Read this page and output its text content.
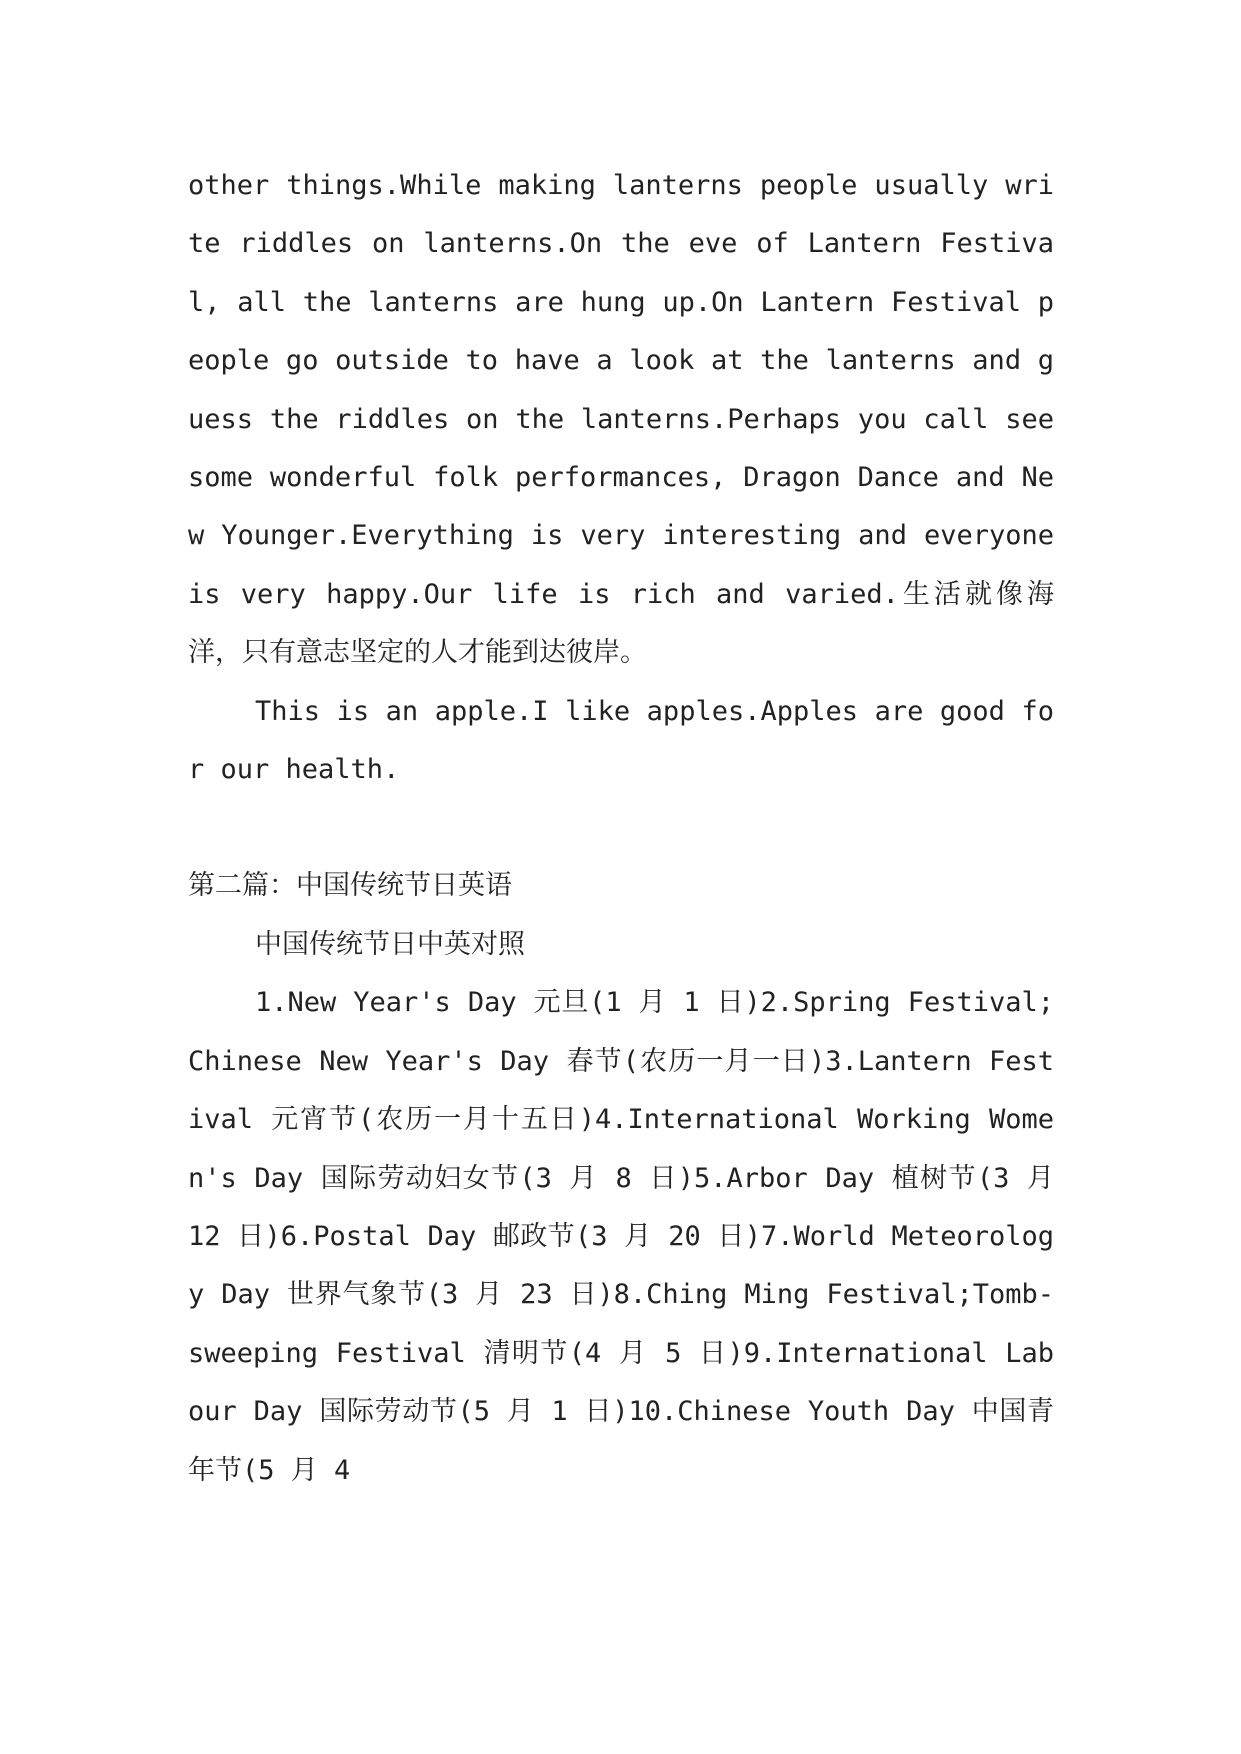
other things.While making lanterns people usually write riddles on lanterns.On the eve of Lantern Festival, all the lanterns are hung up.On Lantern Festival people go outside to have a look at the lanterns and guess the riddles on the lanterns.Perhaps you call see some wonderful folk performances, Dragon Dance and New Younger.Everything is very interesting and everyone is very happy.Our life is rich and varied.生活就像海洋，只有意志坚定的人才能到达彼岸。

This is an apple.I like apples.Apples are good for our health.

第二篇：中国传统节日英语

中国传统节日中英对照

1.New Year's Day 元旦(1 月 1 日)2.Spring Festival;Chinese New Year's Day 春节(农历一月一日)3.Lantern Festival 元宵节(农历一月十五日)4.International Working Women's Day 国际劳动妇女节(3 月 8 日)5.Arbor Day 植树节(3 月 12 日)6.Postal Day 邮政节(3 月 20 日)7.World Meteorology Day 世界气象节(3 月 23 日)8.Ching Ming Festival;Tomb-sweeping Festival 清明节(4 月 5 日)9.International Labour Day 国际劳动节(5 月 1 日)10.Chinese Youth Day 中国青年节(5 月 4
